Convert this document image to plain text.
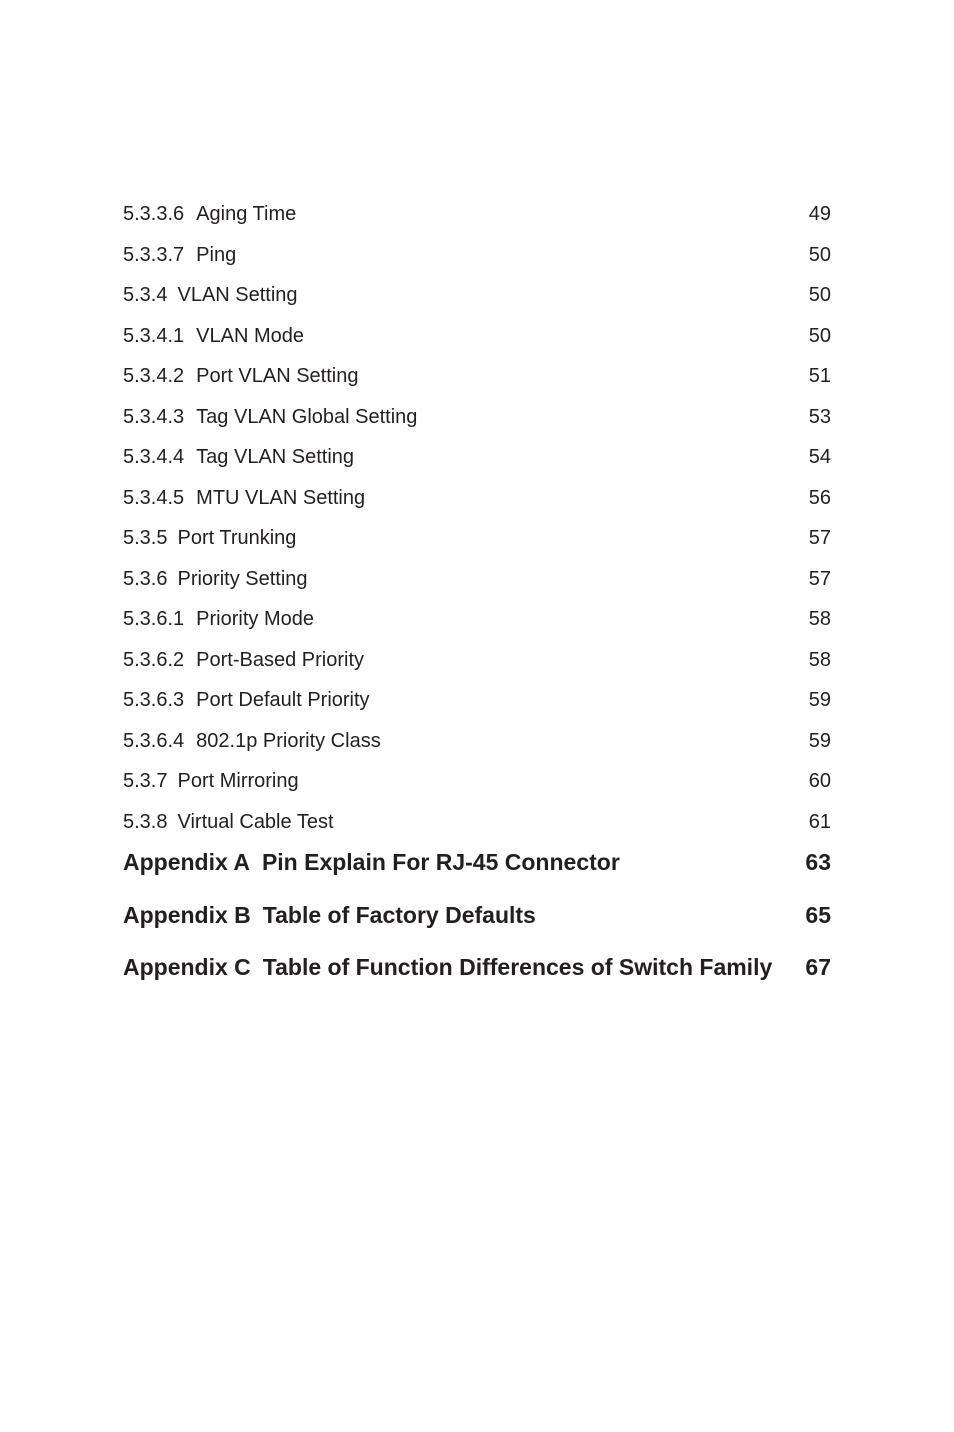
5.3.3.6 Aging Time	49
5.3.3.7 Ping	50
5.3.4 VLAN Setting	50
5.3.4.1 VLAN Mode	50
5.3.4.2 Port VLAN Setting	51
5.3.4.3 Tag VLAN Global Setting	53
5.3.4.4 Tag VLAN Setting	54
5.3.4.5 MTU VLAN Setting	56
5.3.5 Port Trunking	57
5.3.6 Priority Setting	57
5.3.6.1 Priority Mode	58
5.3.6.2 Port-Based Priority	58
5.3.6.3 Port Default Priority	59
5.3.6.4 802.1p Priority Class	59
5.3.7 Port Mirroring	60
5.3.8 Virtual Cable Test	61
Appendix A Pin Explain For RJ-45 Connector	63
Appendix B Table of Factory Defaults	65
Appendix C Table of Function Differences of Switch Family 67
